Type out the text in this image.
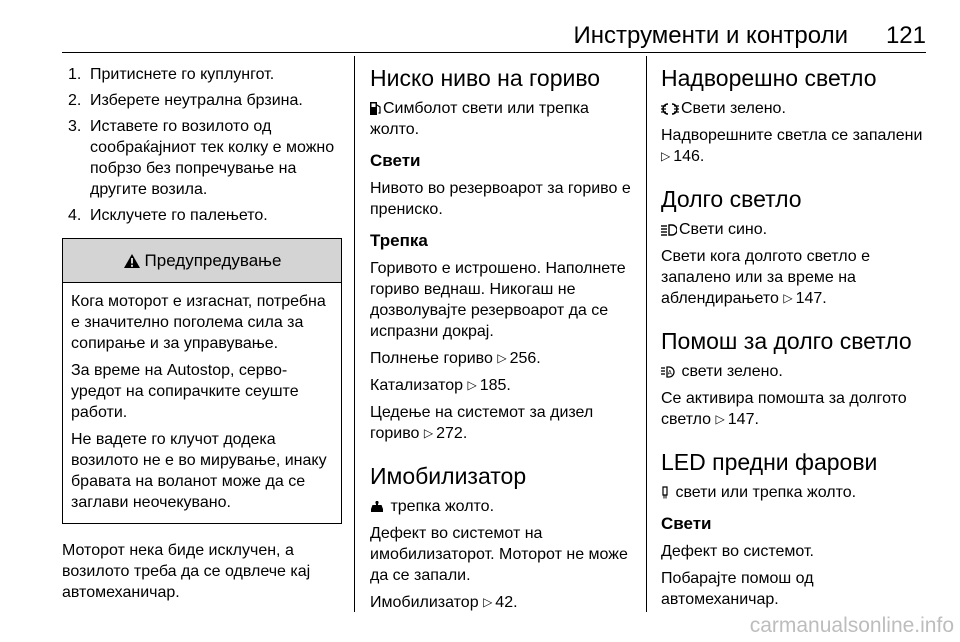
Инструменти и контроли 121
1. Притиснете го куплунгот.
2. Изберете неутрална брзина.
3. Иставете го возилото од сообраќајниот тек колку е можно побрзо без попречување на другите возила.
4. Исклучете го палењето.
Предупредување

Кога моторот е изгаснат, потребна е значително поголема сила за сопирање и за управување.

За време на Autostop, серво-уредот на сопирачките сеуште работи.

Не вадете го клучот додека возилото не е во мирување, инаку бравата на воланот може да се заглави неочекувано.

Моторот нека биде исклучен, а возилото треба да се одвлече кај автомеханичар.

Ниско ниво на гориво

Симболот свети или трепка жолто.

Свети

Нивото во резервоарот за гориво е прениско.

Трепка

Горивото е истрошено. Наполнете гориво веднаш. Никогаш не дозволувајте резервоарот да се испразни докрај.

Полнење гориво ▷ 256.

Катализатор ▷ 185.

Цедење на системот за дизел гориво ▷ 272.

Имобилизатор

трепка жолто.

Дефект во системот на имобилизаторот. Моторот не може да се запали.

Имобилизатор ▷ 42.

Надворешно светло

Свети зелено.

Надворешните светла се запалени ▷ 146.

Долго светло

Свети сино.

Свети кога долгото светло е запалено или за време на аблендирањето ▷ 147.

Помош за долго светло

A свети зелено.

Се активира помошта за долгото светло ▷ 147.

LED предни фарови

свети или трепка жолто.

Свети

Дефект во системот.

Побарајте помош од автомеханичар.

carmanualsonline.info
